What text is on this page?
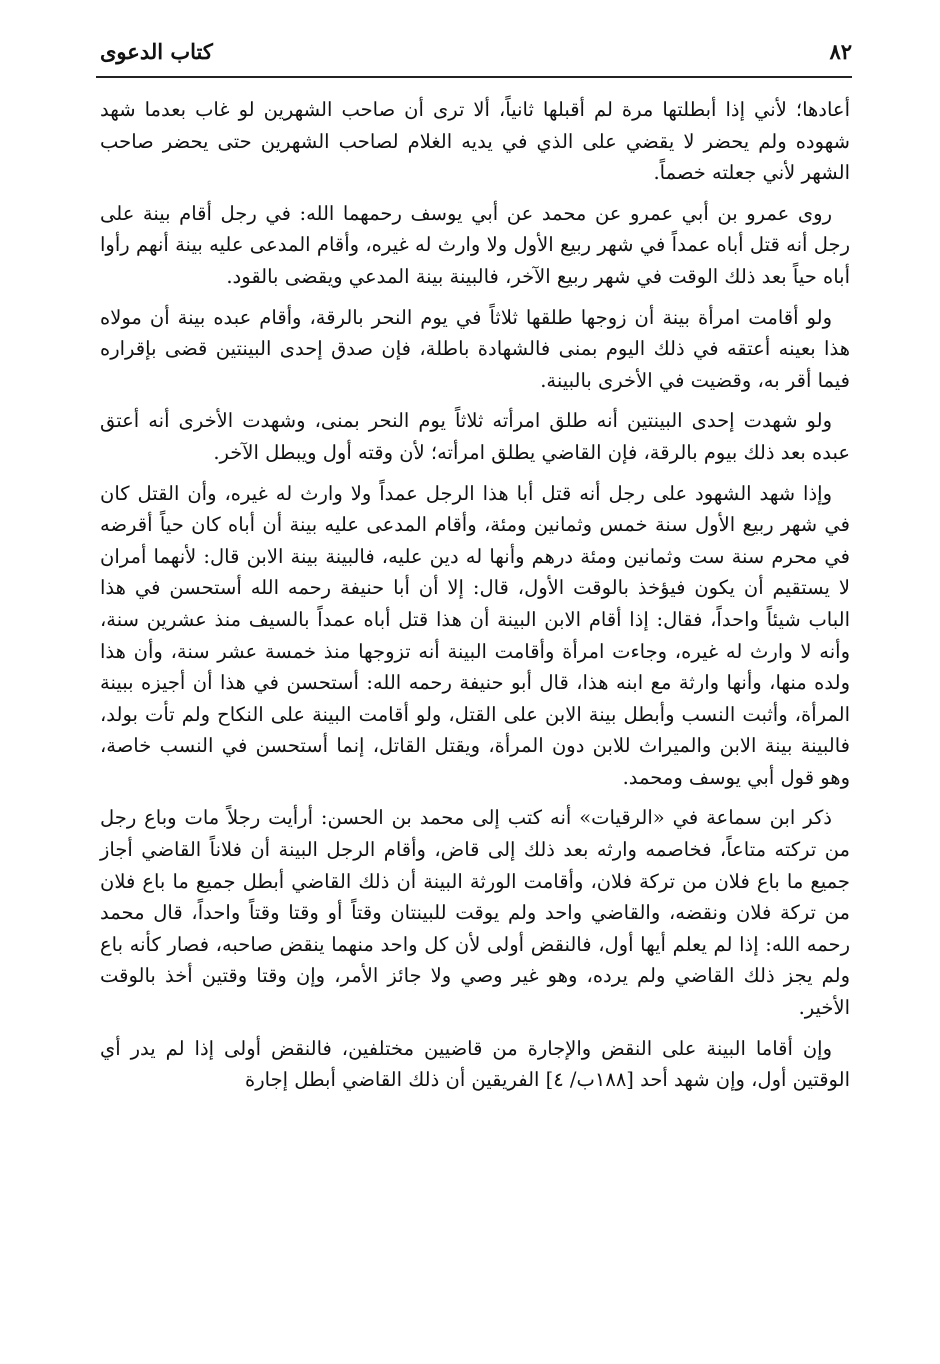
٨٢
كتاب الدعوى

أعادها؛ لأني إذا أبطلتها مرة لم أقبلها ثانياً، ألا ترى أن صاحب الشهرين لو غاب بعدما شهد شهوده ولم يحضر لا يقضي على الذي في يديه الغلام لصاحب الشهرين حتى يحضر صاحب الشهر لأني جعلته خصماً.

روى عمرو بن أبي عمرو عن محمد عن أبي يوسف رحمهما الله: في رجل أقام بينة على رجل أنه قتل أباه عمداً في شهر ربيع الأول ولا وارث له غيره، وأقام المدعى عليه بينة أنهم رأوا أباه حياً بعد ذلك الوقت في شهر ربيع الآخر، فالبينة بينة المدعي ويقضى بالقود.

ولو أقامت امرأة بينة أن زوجها طلقها ثلاثاً في يوم النحر بالرقة، وأقام عبده بينة أن مولاه هذا بعينه أعتقه في ذلك اليوم بمنى فالشهادة باطلة، فإن صدق إحدى البينتين قضى بإقراره فيما أقر به، وقضيت في الأخرى بالبينة.

ولو شهدت إحدى البينتين أنه طلق امرأته ثلاثاً يوم النحر بمنى، وشهدت الأخرى أنه أعتق عبده بعد ذلك بيوم بالرقة، فإن القاضي يطلق امرأته؛ لأن وقته أول ويبطل الآخر.

وإذا شهد الشهود على رجل أنه قتل أبا هذا الرجل عمداً ولا وارث له غيره، وأن القتل كان في شهر ربيع الأول سنة خمس وثمانين ومئة، وأقام المدعى عليه بينة أن أباه كان حياً أقرضه في محرم سنة ست وثمانين ومئة درهم وأنها له دين عليه، فالبينة بينة الابن قال: لأنهما أمران لا يستقيم أن يكون فيؤخذ بالوقت الأول، قال: إلا أن أبا حنيفة رحمه الله أستحسن في هذا الباب شيئاً واحداً، فقال: إذا أقام الابن البينة أن هذا قتل أباه عمداً بالسيف منذ عشرين سنة، وأنه لا وارث له غيره، وجاءت امرأة وأقامت البينة أنه تزوجها منذ خمسة عشر سنة، وأن هذا ولده منها، وأنها وارثة مع ابنه هذا، قال أبو حنيفة رحمه الله: أستحسن في هذا أن أجيزه ببينة المرأة، وأثبت النسب وأبطل بينة الابن على القتل، ولو أقامت البينة على النكاح ولم تأت بولد، فالبينة بينة الابن والميراث للابن دون المرأة، ويقتل القاتل، إنما أستحسن في النسب خاصة، وهو قول أبي يوسف ومحمد.

ذكر ابن سماعة في «الرقيات» أنه كتب إلى محمد بن الحسن: أرأيت رجلاً مات وباع رجل من تركته متاعاً، فخاصمه وارثه بعد ذلك إلى قاض، وأقام الرجل البينة أن فلاناً القاضي أجاز جميع ما باع فلان من تركة فلان، وأقامت الورثة البينة أن ذلك القاضي أبطل جميع ما باع فلان من تركة فلان ونقضه، والقاضي واحد ولم يوقت للبينتان وقتاً أو وقتا وقتاً واحداً، قال محمد رحمه الله: إذا لم يعلم أيها أول، فالنقض أولى لأن كل واحد منهما ينقض صاحبه، فصار كأنه باع ولم يجز ذلك القاضي ولم يرده، وهو غير وصي ولا جائز الأمر، وإن وقتا وقتين أخذ بالوقت الأخير.

وإن أقاما البينة على النقض والإجارة من قاضيين مختلفين، فالنقض أولى إذا لم يدر أي الوقتين أول، وإن شهد أحد [١٨٨ب/ ٤] الفريقين أن ذلك القاضي أبطل إجارة
